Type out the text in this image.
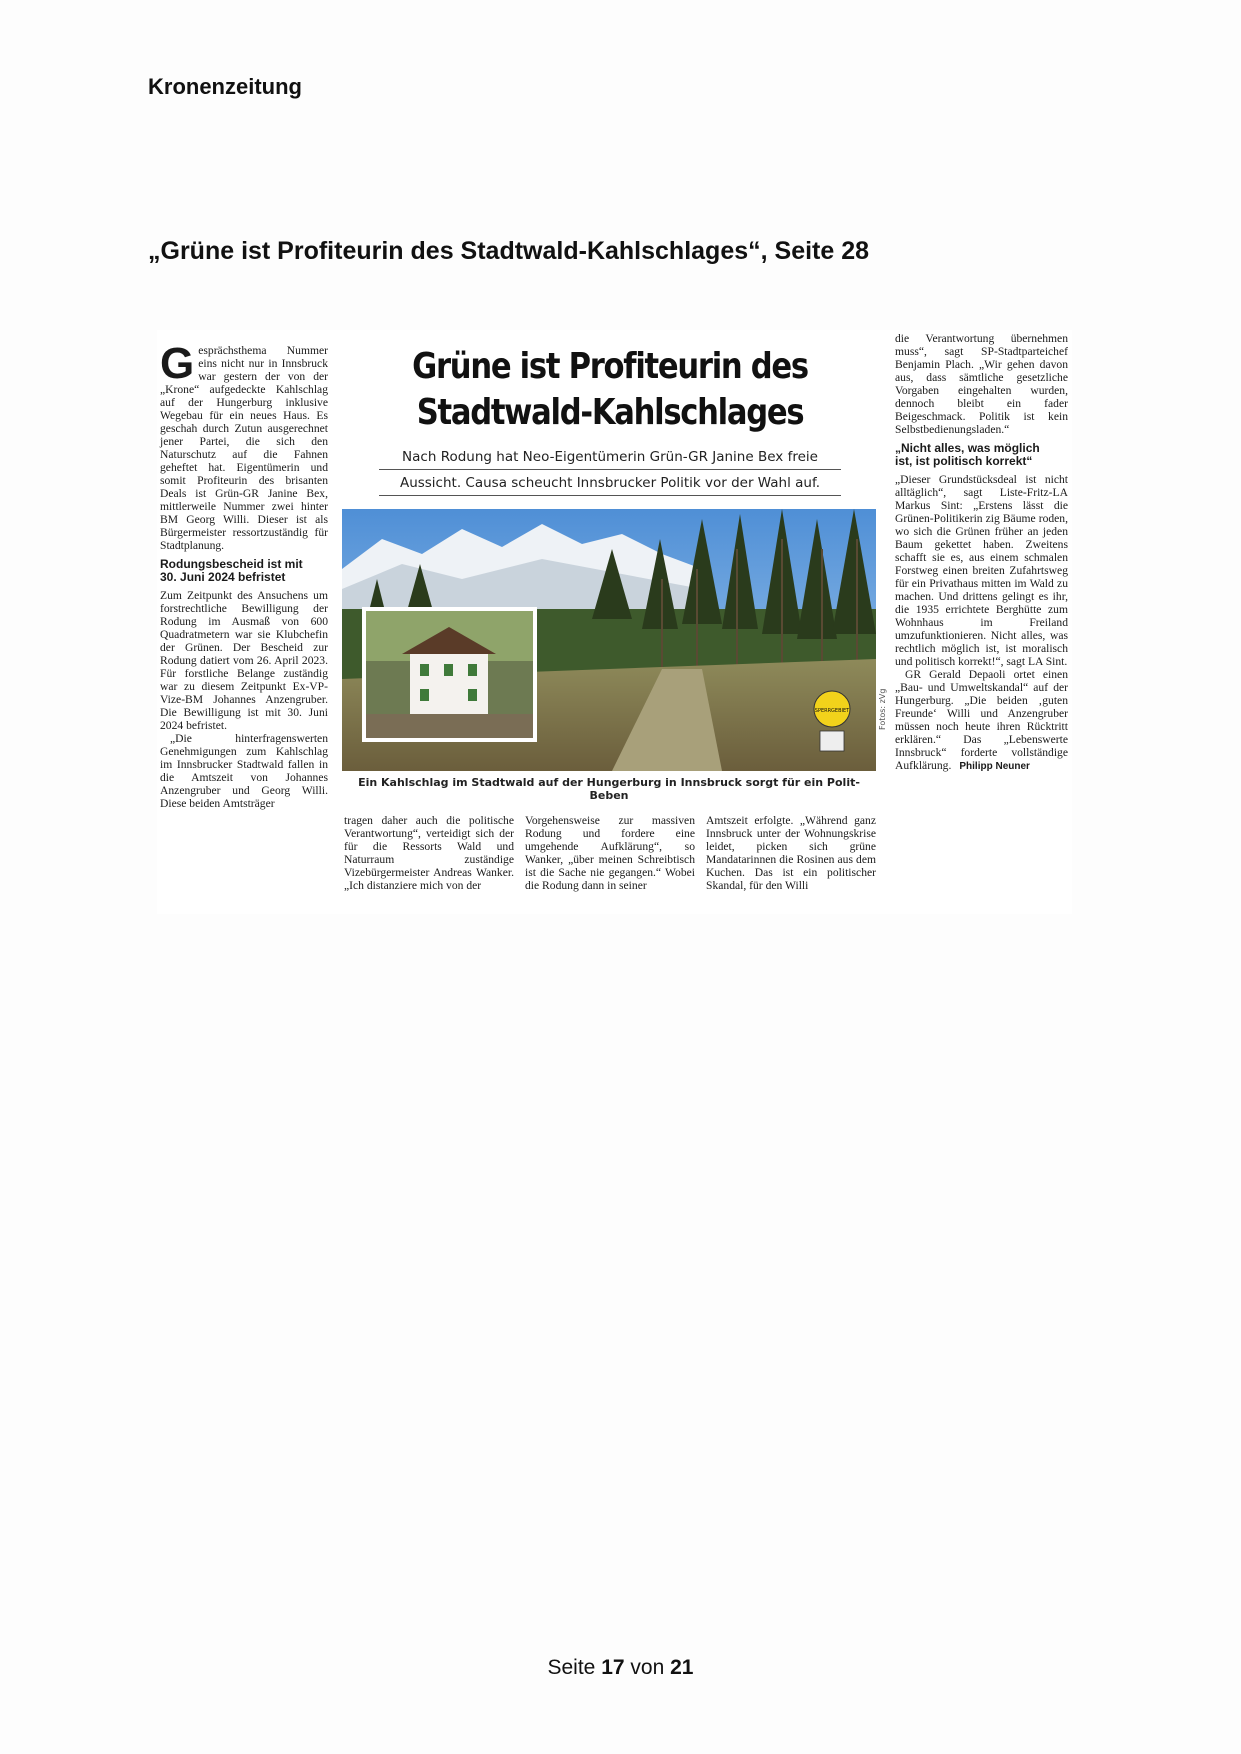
Kronenzeitung
„Grüne ist Profiteurin des Stadtwald-Kahlschlages“, Seite 28
G esprächsthema Nummer eins nicht nur in Innsbruck war gestern der von der „Krone“ aufgedeckte Kahlschlag auf der Hungerburg inklusive Wegebau für ein neues Haus. Es geschah durch Zutun ausgerechnet jener Partei, die sich den Naturschutz auf die Fahnen geheftet hat. Eigentümerin und somit Profiteurin des brisanten Deals ist Grün-GR Janine Bex, mittlerweile Nummer zwei hinter BM Georg Willi. Dieser ist als Bürgermeister ressortzuständig für Stadtplanung.

Rodungsbescheid ist mit
30. Juni 2024 befristet

Zum Zeitpunkt des Ansuchens um forstrechtliche Bewilligung der Rodung im Ausmaß von 600 Quadratmetern war sie Klubchefin der Grünen. Der Bescheid zur Rodung datiert vom 26. April 2023. Für forstliche Belange zuständig war zu diesem Zeitpunkt Ex-VP-Vize-BM Johannes Anzengruber. Die Bewilligung ist mit 30. Juni 2024 befristet.

„Die hinterfragenswerten Genehmigungen zum Kahlschlag im Innsbrucker Stadtwald fallen in die Amtszeit von Johannes Anzengruber und Georg Willi. Diese beiden Amtsträger

Grüne ist Profiteurin des
Stadtwald-Kahlschlages
Nach Rodung hat Neo-Eigentümerin Grün-GR Janine Bex freie
Aussicht. Causa scheucht Innsbrucker Politik vor der Wahl auf.
SPERRGEBIET	Fotos: zVg
Ein Kahlschlag im Stadtwald auf der Hungerburg in Innsbruck sorgt für ein Polit-Beben

tragen daher auch die politische Verantwortung“, verteidigt sich der für die Ressorts Wald und Naturraum zuständige Vizebürgermeister Andreas Wanker. „Ich distanziere mich von der

Vorgehensweise zur massiven Rodung und fordere eine umgehende Aufklärung“, so Wanker, „über meinen Schreibtisch ist die Sache nie gegangen.“ Wobei die Rodung dann in seiner

Amtszeit erfolgte. „Während ganz Innsbruck unter der Wohnungskrise leidet, picken sich grüne Mandatarinnen die Rosinen aus dem Kuchen. Das ist ein politischer Skandal, für den Willi

die Verantwortung übernehmen muss“, sagt SP-Stadtparteichef Benjamin Plach. „Wir gehen davon aus, dass sämtliche gesetzliche Vorgaben eingehalten wurden, dennoch bleibt ein fader Beigeschmack. Politik ist kein Selbstbedienungsladen.“

„Nicht alles, was möglich
ist, ist politisch korrekt“

„Dieser Grundstücksdeal ist nicht alltäglich“, sagt Liste-Fritz-LA Markus Sint: „Erstens lässt die Grünen-Politikerin zig Bäume roden, wo sich die Grünen früher an jeden Baum gekettet haben. Zweitens schafft sie es, aus einem schmalen Forstweg einen breiten Zufahrtsweg für ein Privathaus mitten im Wald zu machen. Und drittens gelingt es ihr, die 1935 errichtete Berghütte zum Wohnhaus im Freiland umzufunktionieren. Nicht alles, was rechtlich möglich ist, ist moralisch und politisch korrekt!“, sagt LA Sint.

GR Gerald Depaoli ortet einen „Bau- und Umweltskandal“ auf der Hungerburg. „Die beiden ‚guten Freunde‘ Willi und Anzengruber müssen noch heute ihren Rücktritt erklären.“ Das „Lebenswerte Innsbruck“ forderte vollständige Aufklärung. Philipp Neuner

Seite 17 von 21
